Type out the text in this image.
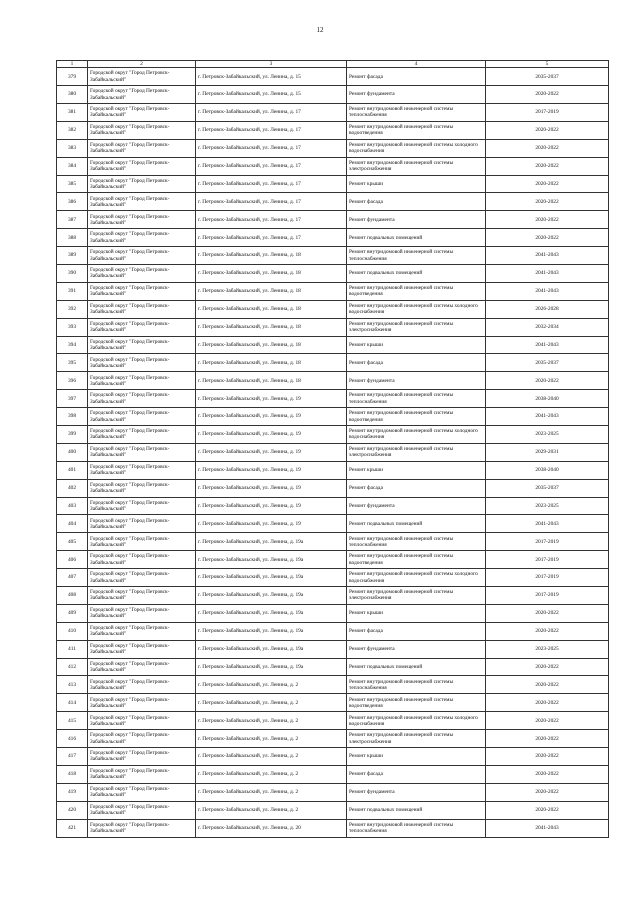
12
1	2	3	4	5
379	Городской округ "Город Петровск-Забайкальский"	г. Петровск-Забайкальский, ул. Ленина, д. 15	Ремонт фасада	2035-2037
380	Городской округ "Город Петровск-Забайкальский"	г. Петровск-Забайкальский, ул. Ленина, д. 15	Ремонт фундамента	2020-2022
381	Городской округ "Город Петровск-Забайкальский"	г. Петровск-Забайкальский, ул. Ленина, д. 17	Ремонт внутридомовой инженерной системы теплоснабжения	2017-2019
382	Городской округ "Город Петровск-Забайкальский"	г. Петровск-Забайкальский, ул. Ленина, д. 17	Ремонт внутридомовой инженерной системы водоотведения	2020-2022
383	Городской округ "Город Петровск-Забайкальский"	г. Петровск-Забайкальский, ул. Ленина, д. 17	Ремонт внутридомовой инженерной системы холодного водоснабжения	2020-2022
384	Городской округ "Город Петровск-Забайкальский"	г. Петровск-Забайкальский, ул. Ленина, д. 17	Ремонт внутридомовой инженерной системы электроснабжения	2020-2022
385	Городской округ "Город Петровск-Забайкальский"	г. Петровск-Забайкальский, ул. Ленина, д. 17	Ремонт крыши	2020-2022
386	Городской округ "Город Петровск-Забайкальский"	г. Петровск-Забайкальский, ул. Ленина, д. 17	Ремонт фасада	2020-2022
387	Городской округ "Город Петровск-Забайкальский"	г. Петровск-Забайкальский, ул. Ленина, д. 17	Ремонт фундамента	2020-2022
388	Городской округ "Город Петровск-Забайкальский"	г. Петровск-Забайкальский, ул. Ленина, д. 17	Ремонт подвальных помещений	2020-2022
389	Городской округ "Город Петровск-Забайкальский"	г. Петровск-Забайкальский, ул. Ленина, д. 18	Ремонт внутридомовой инженерной системы теплоснабжения	2041-2043
390	Городской округ "Город Петровск-Забайкальский"	г. Петровск-Забайкальский, ул. Ленина, д. 18	Ремонт подвальных помещений	2041-2043
391	Городской округ "Город Петровск-Забайкальский"	г. Петровск-Забайкальский, ул. Ленина, д. 18	Ремонт внутридомовой инженерной системы водоотведения	2041-2043
392	Городской округ "Город Петровск-Забайкальский"	г. Петровск-Забайкальский, ул. Ленина, д. 18	Ремонт внутридомовой инженерной системы холодного водоснабжения	2026-2028
393	Городской округ "Город Петровск-Забайкальский"	г. Петровск-Забайкальский, ул. Ленина, д. 18	Ремонт внутридомовой инженерной системы электроснабжения	2032-2034
394	Городской округ "Город Петровск-Забайкальский"	г. Петровск-Забайкальский, ул. Ленина, д. 18	Ремонт крыши	2041-2043
395	Городской округ "Город Петровск-Забайкальский"	г. Петровск-Забайкальский, ул. Ленина, д. 18	Ремонт фасада	2035-2037
396	Городской округ "Город Петровск-Забайкальский"	г. Петровск-Забайкальский, ул. Ленина, д. 18	Ремонт фундамента	2020-2022
397	Городской округ "Город Петровск-Забайкальский"	г. Петровск-Забайкальский, ул. Ленина, д. 19	Ремонт внутридомовой инженерной системы теплоснабжения	2038-2040
398	Городской округ "Город Петровск-Забайкальский"	г. Петровск-Забайкальский, ул. Ленина, д. 19	Ремонт внутридомовой инженерной системы водоотведения	2041-2043
399	Городской округ "Город Петровск-Забайкальский"	г. Петровск-Забайкальский, ул. Ленина, д. 19	Ремонт внутридомовой инженерной системы холодного водоснабжения	2023-2025
400	Городской округ "Город Петровск-Забайкальский"	г. Петровск-Забайкальский, ул. Ленина, д. 19	Ремонт внутридомовой инженерной системы электроснабжения	2029-2031
401	Городской округ "Город Петровск-Забайкальский"	г. Петровск-Забайкальский, ул. Ленина, д. 19	Ремонт крыши	2038-2040
402	Городской округ "Город Петровск-Забайкальский"	г. Петровск-Забайкальский, ул. Ленина, д. 19	Ремонт фасада	2035-2037
403	Городской округ "Город Петровск-Забайкальский"	г. Петровск-Забайкальский, ул. Ленина, д. 19	Ремонт фундамента	2023-2025
404	Городской округ "Город Петровск-Забайкальский"	г. Петровск-Забайкальский, ул. Ленина, д. 19	Ремонт подвальных помещений	2041-2043
405	Городской округ "Город Петровск-Забайкальский"	г. Петровск-Забайкальский, ул. Ленина, д. 19а	Ремонт внутридомовой инженерной системы теплоснабжения	2017-2019
406	Городской округ "Город Петровск-Забайкальский"	г. Петровск-Забайкальский, ул. Ленина, д. 19а	Ремонт внутридомовой инженерной системы водоотведения	2017-2019
407	Городской округ "Город Петровск-Забайкальский"	г. Петровск-Забайкальский, ул. Ленина, д. 19а	Ремонт внутридомовой инженерной системы холодного водоснабжения	2017-2019
408	Городской округ "Город Петровск-Забайкальский"	г. Петровск-Забайкальский, ул. Ленина, д. 19а	Ремонт внутридомовой инженерной системы электроснабжения	2017-2019
409	Городской округ "Город Петровск-Забайкальский"	г. Петровск-Забайкальский, ул. Ленина, д. 19а	Ремонт крыши	2020-2022
410	Городской округ "Город Петровск-Забайкальский"	г. Петровск-Забайкальский, ул. Ленина, д. 19а	Ремонт фасада	2020-2022
411	Городской округ "Город Петровск-Забайкальский"	г. Петровск-Забайкальский, ул. Ленина, д. 19а	Ремонт фундамента	2023-2025
412	Городской округ "Город Петровск-Забайкальский"	г. Петровск-Забайкальский, ул. Ленина, д. 19а	Ремонт подвальных помещений	2020-2022
413	Городской округ "Город Петровск-Забайкальский"	г. Петровск-Забайкальский, ул. Ленина, д. 2	Ремонт внутридомовой инженерной системы теплоснабжения	2020-2022
414	Городской округ "Город Петровск-Забайкальский"	г. Петровск-Забайкальский, ул. Ленина, д. 2	Ремонт внутридомовой инженерной системы водоотведения	2020-2022
415	Городской округ "Город Петровск-Забайкальский"	г. Петровск-Забайкальский, ул. Ленина, д. 2	Ремонт внутридомовой инженерной системы холодного водоснабжения	2020-2022
416	Городской округ "Город Петровск-Забайкальский"	г. Петровск-Забайкальский, ул. Ленина, д. 2	Ремонт внутридомовой инженерной системы электроснабжения	2020-2022
417	Городской округ "Город Петровск-Забайкальский"	г. Петровск-Забайкальский, ул. Ленина, д. 2	Ремонт крыши	2020-2022
418	Городской округ "Город Петровск-Забайкальский"	г. Петровск-Забайкальский, ул. Ленина, д. 2	Ремонт фасада	2020-2022
419	Городской округ "Город Петровск-Забайкальский"	г. Петровск-Забайкальский, ул. Ленина, д. 2	Ремонт фундамента	2020-2022
420	Городской округ "Город Петровск-Забайкальский"	г. Петровск-Забайкальский, ул. Ленина, д. 2	Ремонт подвальных помещений	2020-2022
421	Городской округ "Город Петровск-Забайкальский"	г. Петровск-Забайкальский, ул. Ленина, д. 20	Ремонт внутридомовой инженерной системы теплоснабжения	2041-2043
